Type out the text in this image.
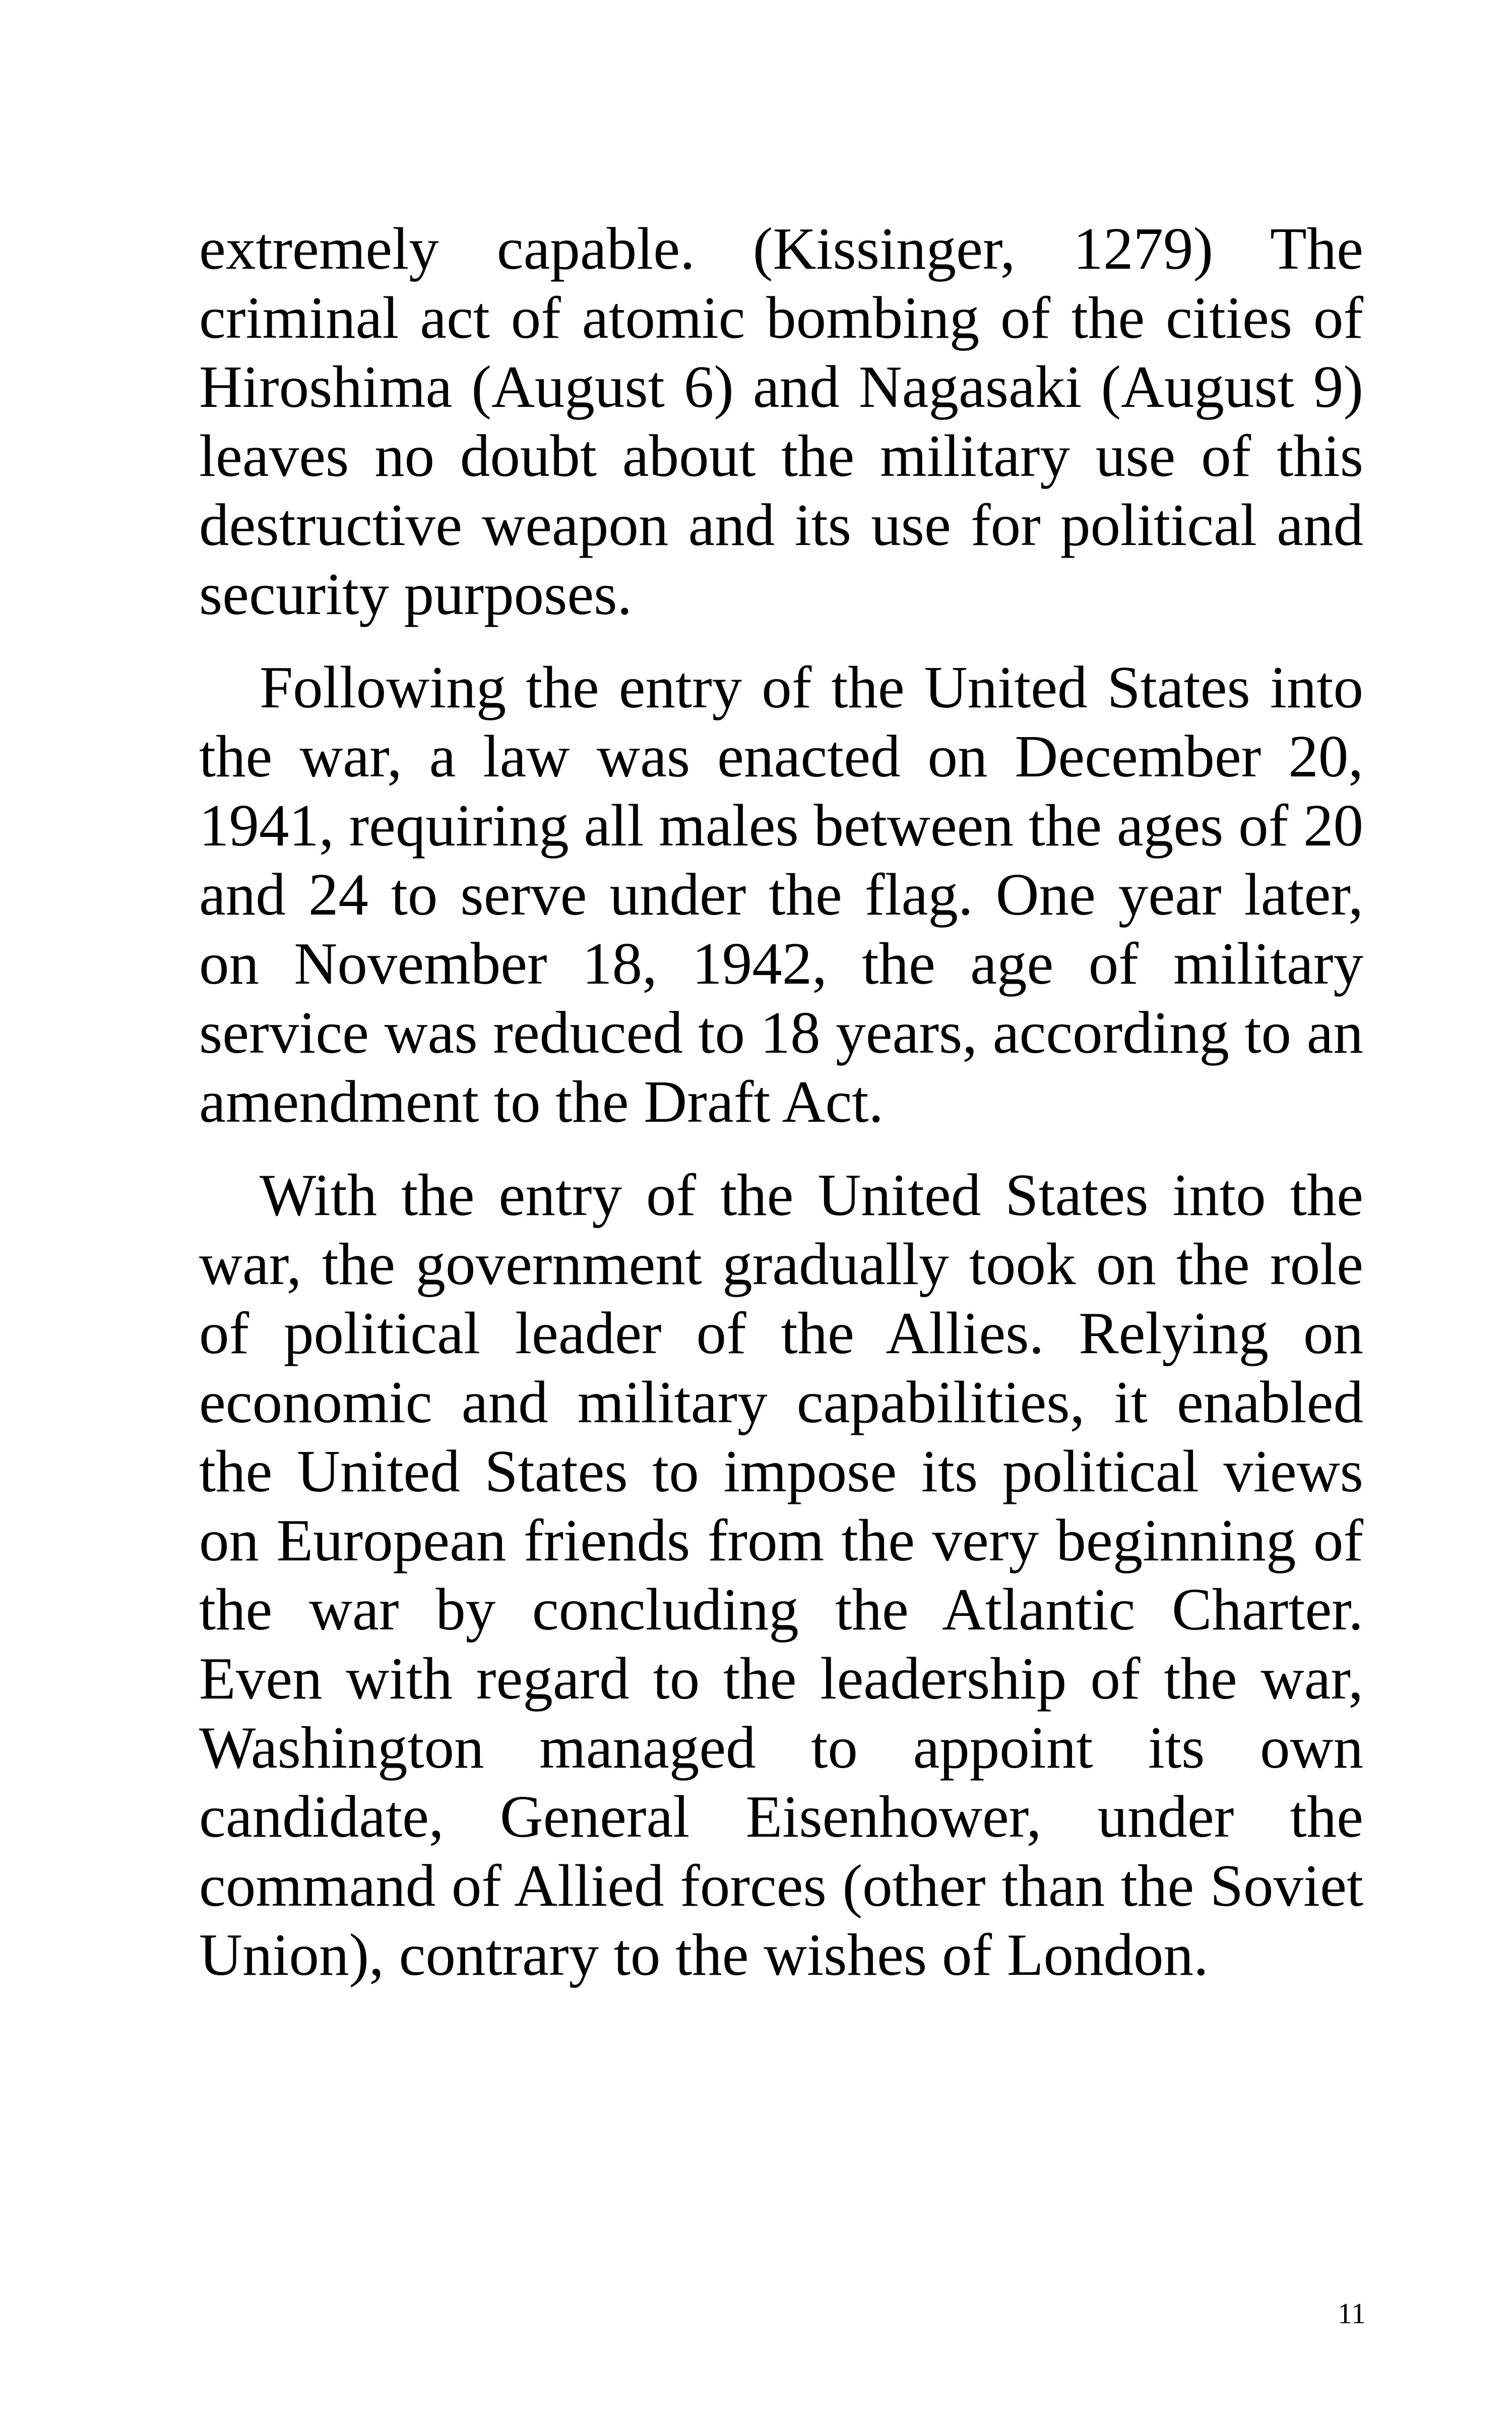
extremely capable. (Kissinger, 1279) The criminal act of atomic bombing of the cities of Hiroshima (August 6) and Nagasaki (August 9) leaves no doubt about the military use of this destructive weapon and its use for political and security purposes.

Following the entry of the United States into the war, a law was enacted on December 20, 1941, requiring all males between the ages of 20 and 24 to serve under the flag. One year later, on November 18, 1942, the age of military service was reduced to 18 years, according to an amendment to the Draft Act.

With the entry of the United States into the war, the government gradually took on the role of political leader of the Allies. Relying on economic and military capabilities, it enabled the United States to impose its political views on European friends from the very beginning of the war by concluding the Atlantic Charter. Even with regard to the leadership of the war, Washington managed to appoint its own candidate, General Eisenhower, under the command of Allied forces (other than the Soviet Union), contrary to the wishes of London.

11
